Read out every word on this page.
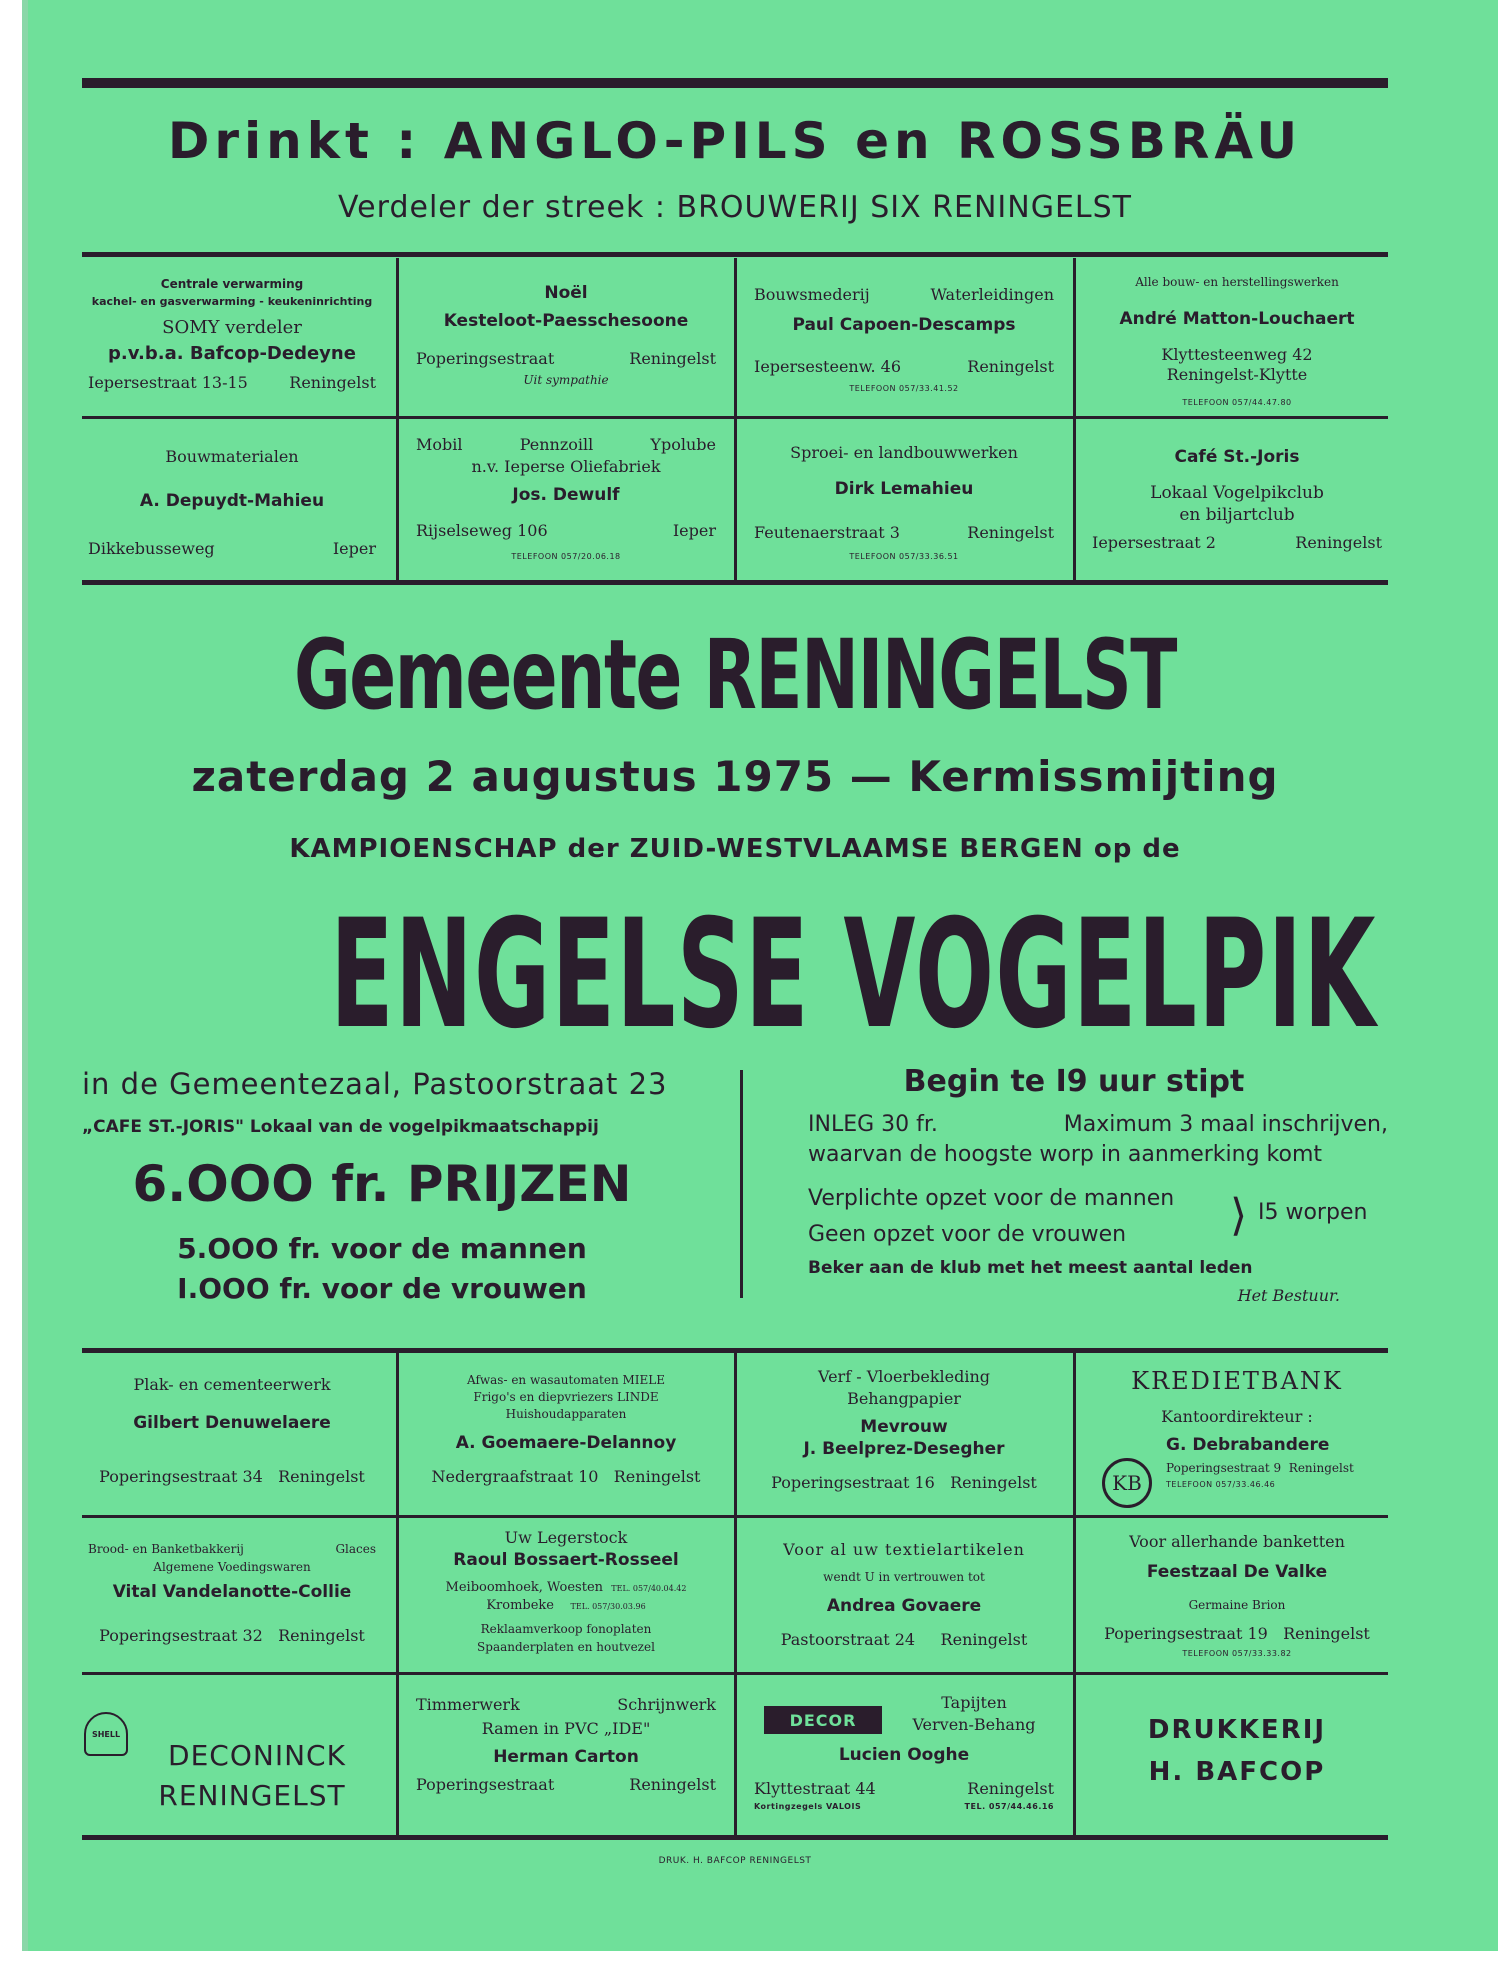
Drinkt : ANGLO-PILS en ROSSBRÄU
Verdeler der streek : BROUWERIJ SIX RENINGELST
Centrale verwarming
kachel- en gasverwarming - keukeninrichting
SOMY verdeler
p.v.b.a. Bafcop-Dedeyne
Iepersestraat 13-15	Reningelst
Noël
Kesteloot-Paesschesoone
Poperingsestraat	Reningelst
Uit sympathie
Bouwsmederij	Waterleidingen
Paul Capoen-Descamps
Iepersesteenw. 46	Reningelst
TELEFOON 057/33.41.52
Alle bouw- en herstellingswerken
André Matton-Louchaert
Klyttesteenweg 42
Reningelst-Klytte
TELEFOON 057/44.47.80
Bouwmaterialen
A. Depuydt-Mahieu
Dikkebusseweg	Ieper
Mobil	Pennzoill	Ypolube
n.v. Ieperse Oliefabriek
Jos. Dewulf
Rijselseweg 106	Ieper
TELEFOON 057/20.06.18
Sproei- en landbouwwerken
Dirk Lemahieu
Feutenaerstraat 3	Reningelst
TELEFOON 057/33.36.51
Café St.-Joris
Lokaal Vogelpikclub
en biljartclub
Iepersestraat 2	Reningelst
Gemeente RENINGELST
zaterdag 2 augustus 1975 — Kermissmijting
KAMPIOENSCHAP der ZUID-WESTVLAAMSE BERGEN op de
ENGELSE VOGELPIK
in de Gemeentezaal, Pastoorstraat 23
„CAFE ST.-JORIS" Lokaal van de vogelpikmaatschappij
6.OOO fr. PRIJZEN
5.OOO fr. voor de mannen
I.OOO fr. voor de vrouwen
Begin te I9 uur stipt
INLEG 30 fr.	Maximum 3 maal inschrijven,
waarvan de hoogste worp in aanmerking komt
Verplichte opzet voor de mannen
Geen opzet voor de vrouwen	⟩ I5 worpen
Beker aan de klub met het meest aantal leden
Het Bestuur.
Plak- en cementeerwerk
Gilbert Denuwelaere
Poperingsestraat 34 Reningelst
Afwas- en wasautomaten MIELE
Frigo's en diepvriezers LINDE
Huishoudapparaten
A. Goemaere-Delannoy
Nedergraafstraat 10 Reningelst
Verf - Vloerbekleding
Behangpapier
Mevrouw
J. Beelprez-Desegher
Poperingsestraat 16 Reningelst
KREDIETBANK
Kantoordirekteur :
G. Debrabandere
Poperingsestraat 9 Reningelst
TELEFOON 057/33.46.46
KB
Brood- en Banketbakkerij	Glaces
Algemene Voedingswaren
Vital Vandelanotte-Collie
Poperingsestraat 32 Reningelst
Uw Legerstock
Raoul Bossaert-Rosseel
Meiboomhoek, Woesten TEL. 057/40.04.42
Krombeke TEL. 057/30.03.96
Reklaamverkoop fonoplaten
Spaanderplaten en houtvezel
Voor al uw textielartikelen
wendt U in vertrouwen tot
Andrea Govaere
Pastoorstraat 24 Reningelst
Voor allerhande banketten
Feestzaal De Valke
Germaine Brion
Poperingsestraat 19 Reningelst
TELEFOON 057/33.33.82
SHELL
DECONINCK
RENINGELST
Timmerwerk	Schrijnwerk
Ramen in PVC „IDE"
Herman Carton
Poperingsestraat	Reningelst
DECOR
Tapijten
Verven-Behang
Lucien Ooghe
Klyttestraat 44	Reningelst
Kortingzegels VALOIS	TEL. 057/44.46.16
DRUKKERIJ
H. BAFCOP
DRUK. H. BAFCOP RENINGELST
